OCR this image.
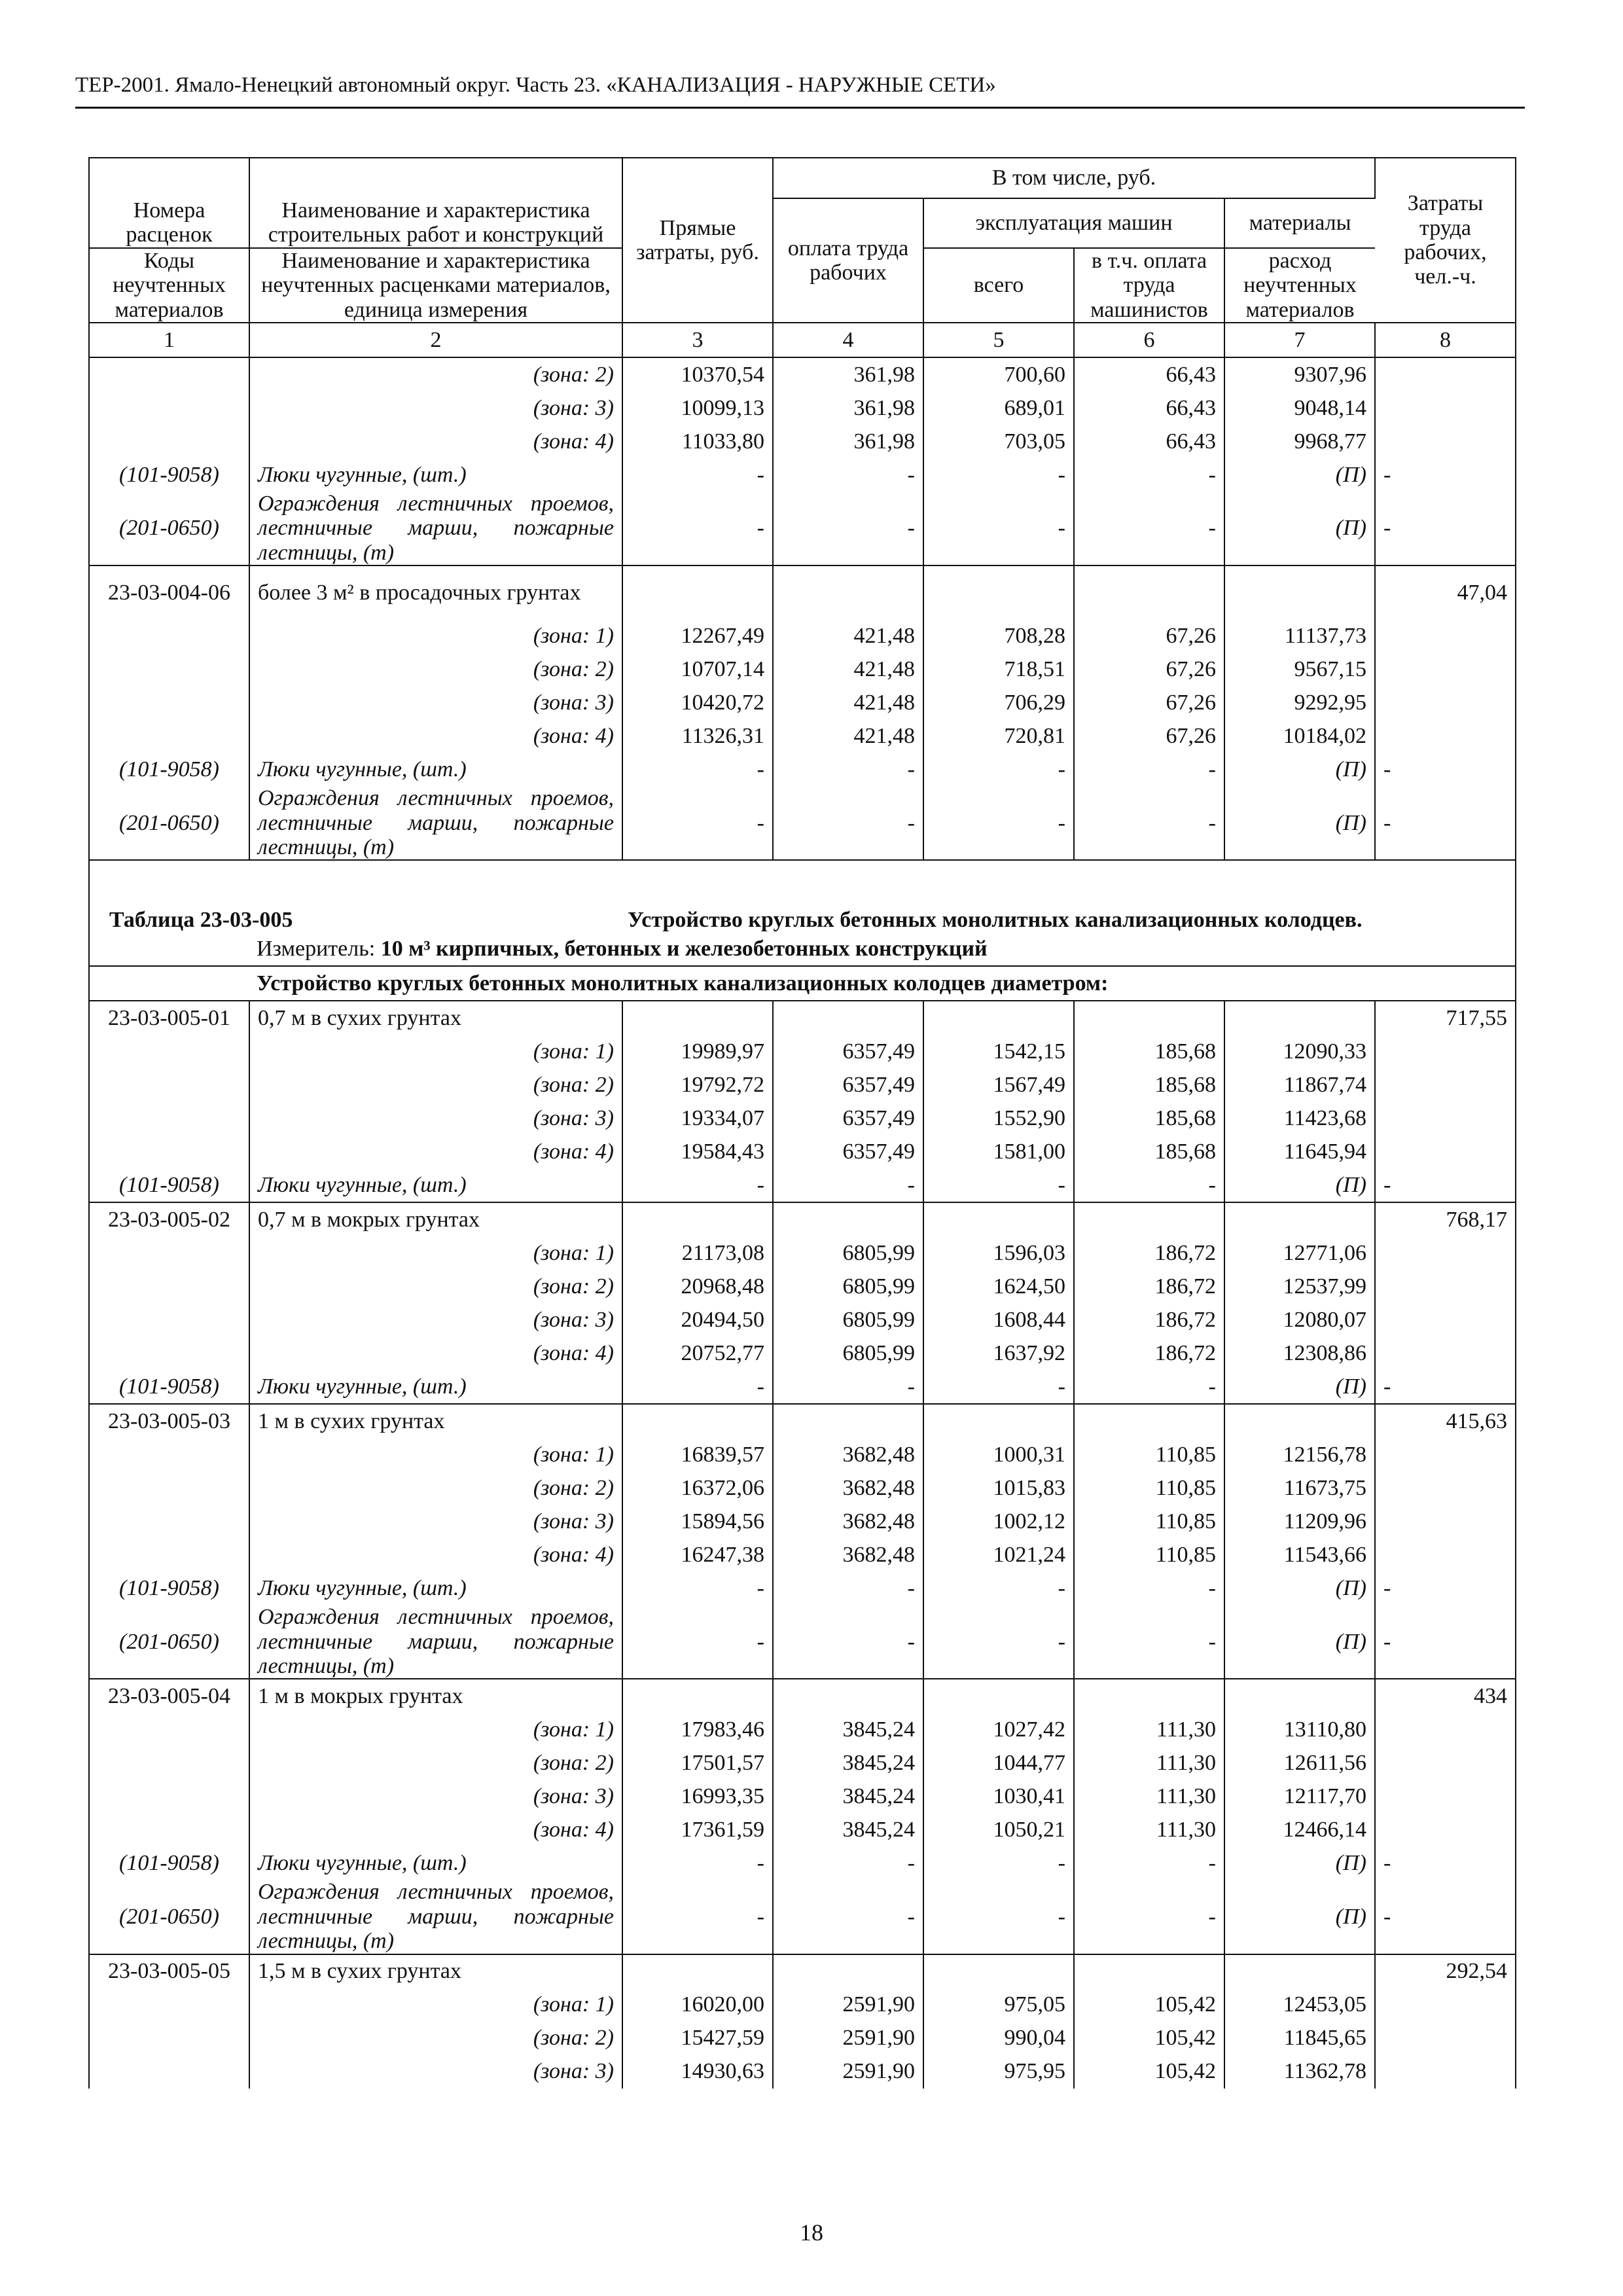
ТЕР-2001. Ямало-Ненецкий автономный округ. Часть 23. «КАНАЛИЗАЦИЯ - НАРУЖНЫЕ СЕТИ»
		Прямые затраты, руб.	В том числе, руб.				Затраты труда рабочих, чел.-ч.
Номера расценок	Наименование и характеристика строительных работ и конструкций		оплата труда рабочих	эксплуатация машин		материалы	
Коды неучтенных материалов	Наименование и характеристика неучтенных расценками материалов, единица измерения			всего	в т.ч. оплата труда машинистов	расход неучтенных материалов	
1	2	3	4	5	6	7	8
	(зона: 2)	10370,54	361,98	700,60	66,43	9307,96	
	(зона: 3)	10099,13	361,98	689,01	66,43	9048,14	
	(зона: 4)	11033,80	361,98	703,05	66,43	9968,77	
(101-9058)	Люки чугунные, (шт.)	-	-	-	-	(П)	-
(201-0650)	Ограждения лестничных проемов, лестничные марши, пожарные лестницы, (т)	-	-	-	-	(П)	-
23-03-004-06	более 3 м² в просадочных грунтах						47,04
	(зона: 1)	12267,49	421,48	708,28	67,26	11137,73	
	(зона: 2)	10707,14	421,48	718,51	67,26	9567,15	
	(зона: 3)	10420,72	421,48	706,29	67,26	9292,95	
	(зона: 4)	11326,31	421,48	720,81	67,26	10184,02	
(101-9058)	Люки чугунные, (шт.)	-	-	-	-	(П)	-
(201-0650)	Ограждения лестничных проемов, лестничные марши, пожарные лестницы, (т)	-	-	-	-	(П)	-
Таблица 23-03-005		Устройство круглых бетонных монолитных канализационных колодцев.					
Измеритель: 10 м³ кирпичных, бетонных и железобетонных конструкций							
Устройство круглых бетонных монолитных канализационных колодцев диаметром:							
23-03-005-01	0,7 м в сухих грунтах						717,55
	(зона: 1)	19989,97	6357,49	1542,15	185,68	12090,33	
	(зона: 2)	19792,72	6357,49	1567,49	185,68	11867,74	
	(зона: 3)	19334,07	6357,49	1552,90	185,68	11423,68	
	(зона: 4)	19584,43	6357,49	1581,00	185,68	11645,94	
(101-9058)	Люки чугунные, (шт.)	-	-	-	-	(П)	-
23-03-005-02	0,7 м в мокрых грунтах						768,17
	(зона: 1)	21173,08	6805,99	1596,03	186,72	12771,06	
	(зона: 2)	20968,48	6805,99	1624,50	186,72	12537,99	
	(зона: 3)	20494,50	6805,99	1608,44	186,72	12080,07	
	(зона: 4)	20752,77	6805,99	1637,92	186,72	12308,86	
(101-9058)	Люки чугунные, (шт.)	-	-	-	-	(П)	-
23-03-005-03	1 м в сухих грунтах						415,63
	(зона: 1)	16839,57	3682,48	1000,31	110,85	12156,78	
	(зона: 2)	16372,06	3682,48	1015,83	110,85	11673,75	
	(зона: 3)	15894,56	3682,48	1002,12	110,85	11209,96	
	(зона: 4)	16247,38	3682,48	1021,24	110,85	11543,66	
(101-9058)	Люки чугунные, (шт.)	-	-	-	-	(П)	-
(201-0650)	Ограждения лестничных проемов, лестничные марши, пожарные лестницы, (т)	-	-	-	-	(П)	-
23-03-005-04	1 м в мокрых грунтах						434
	(зона: 1)	17983,46	3845,24	1027,42	111,30	13110,80	
	(зона: 2)	17501,57	3845,24	1044,77	111,30	12611,56	
	(зона: 3)	16993,35	3845,24	1030,41	111,30	12117,70	
	(зона: 4)	17361,59	3845,24	1050,21	111,30	12466,14	
(101-9058)	Люки чугунные, (шт.)	-	-	-	-	(П)	-
(201-0650)	Ограждения лестничных проемов, лестничные марши, пожарные лестницы, (т)	-	-	-	-	(П)	-
23-03-005-05	1,5 м в сухих грунтах						292,54
	(зона: 1)	16020,00	2591,90	975,05	105,42	12453,05	
	(зона: 2)	15427,59	2591,90	990,04	105,42	11845,65	
	(зона: 3)	14930,63	2591,90	975,95	105,42	11362,78	
18
